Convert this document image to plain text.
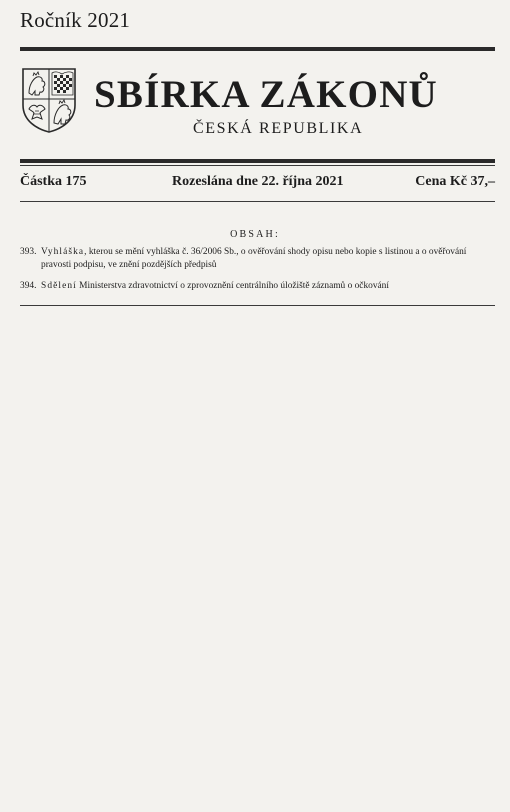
Ročník 2021
SBÍRKA ZÁKONŮ
ČESKÁ REPUBLIKA
Částka 175	Rozeslána dne 22. října 2021	Cena Kč 37,–
OBSAH:
393. Vyhláška, kterou se mění vyhláška č. 36/2006 Sb., o ověřování shody opisu nebo kopie s listinou a o ověřování pravosti podpisu, ve znění pozdějších předpisů
394. Sdělení Ministerstva zdravotnictví o zprovoznění centrálního úložiště záznamů o očkování
